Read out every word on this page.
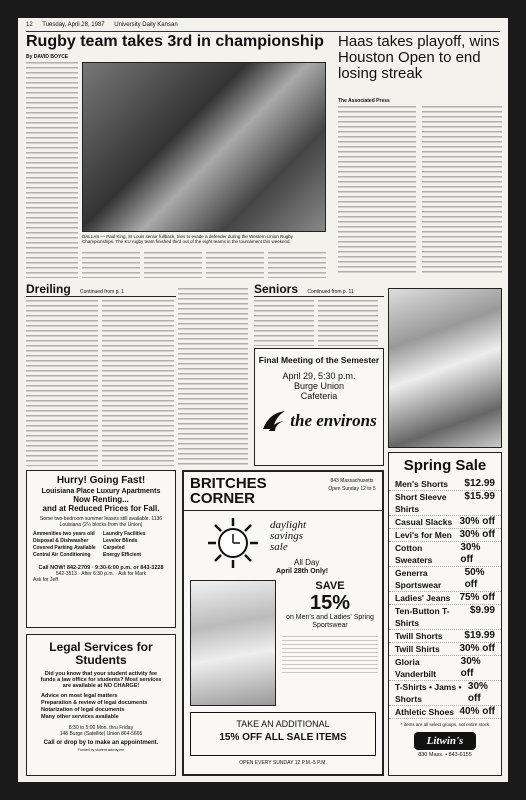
12 Tuesday, April 28, 1987 University Daily Kansan
Rugby team takes 3rd in championship
By DAVID BOYCE
DALLAS — Paul King, St Louis senior fullback, tries to evade a defender during the Western Union Rugby Championships. The KU rugby team finished third out of the eight teams in the tournament this weekend.
Haas takes playoff, wins Houston Open to end losing streak
The Associated Press
Dreiling Continued from p. 1	Seniors Continued from p. 11
Final Meeting of the Semester
April 29, 5:30 p.m.
Burge Union
Cafeteria
the environs
Spring Sale
Men's Shorts $12.99
Short Sleeve Shirts
$15.99
Casual Slacks 30% off
Levi's for Men 30% off
Cotton Sweaters
30% off
Generra Sportswear
50% off
Ladies' Jeans 75% off
Ten-Button T-Shirts
$9.99
Twill Shorts $19.99
Twill Shirts 30% off
Gloria Vanderbilt
30% off
T-Shirts • Jams • Shorts
30% off
Athletic Shoes 40% off
* items are all select groups, not entire stock
Litwin's
830 Mass. • 843-6155
Hurry! Going Fast!
Louisiana Place Luxury Apartments
Now Renting...
and at Reduced Prices for Fall.
Some two-bedroom summer leases still available. 1136 Louisiana (2½ blocks from the Union)
Ammenities two years old	Laundry Facilities
Disposal & Dishwasher	Levelor Blinds
Covered Parking Available	Carpeted
Central Air Conditioning	Energy Efficient
Call NOW! 842-2709 · 9:30-6:00 p.m. or 843-3228
542-3513 · After 6:30 p.m. · Ask for Mark
Ask for Jeff
Legal Services for Students
Did you know that your student activity fee funds a law office for students? Most services are available at NO CHARGE!
Advice on most legal matters
Preparation & review of legal documents
Notarization of legal documents
Many other services available
8:30 to 5:00 Mon. thru Friday
148 Burge (Satellite) Union 864-5665
Call or drop by to make an appointment.
Funded by student activity fee
BRITCHES
CORNER
843 Massachusetts
Open Sunday 12 to 5
daylight
savings
sale
All Day
April 28th Only!
SAVE
15%
on Men's and Ladies' Spring Sportswear
TAKE AN ADDITIONAL
15% OFF ALL SALE ITEMS
OPEN EVERY SUNDAY 12 P.M.-5 P.M.
